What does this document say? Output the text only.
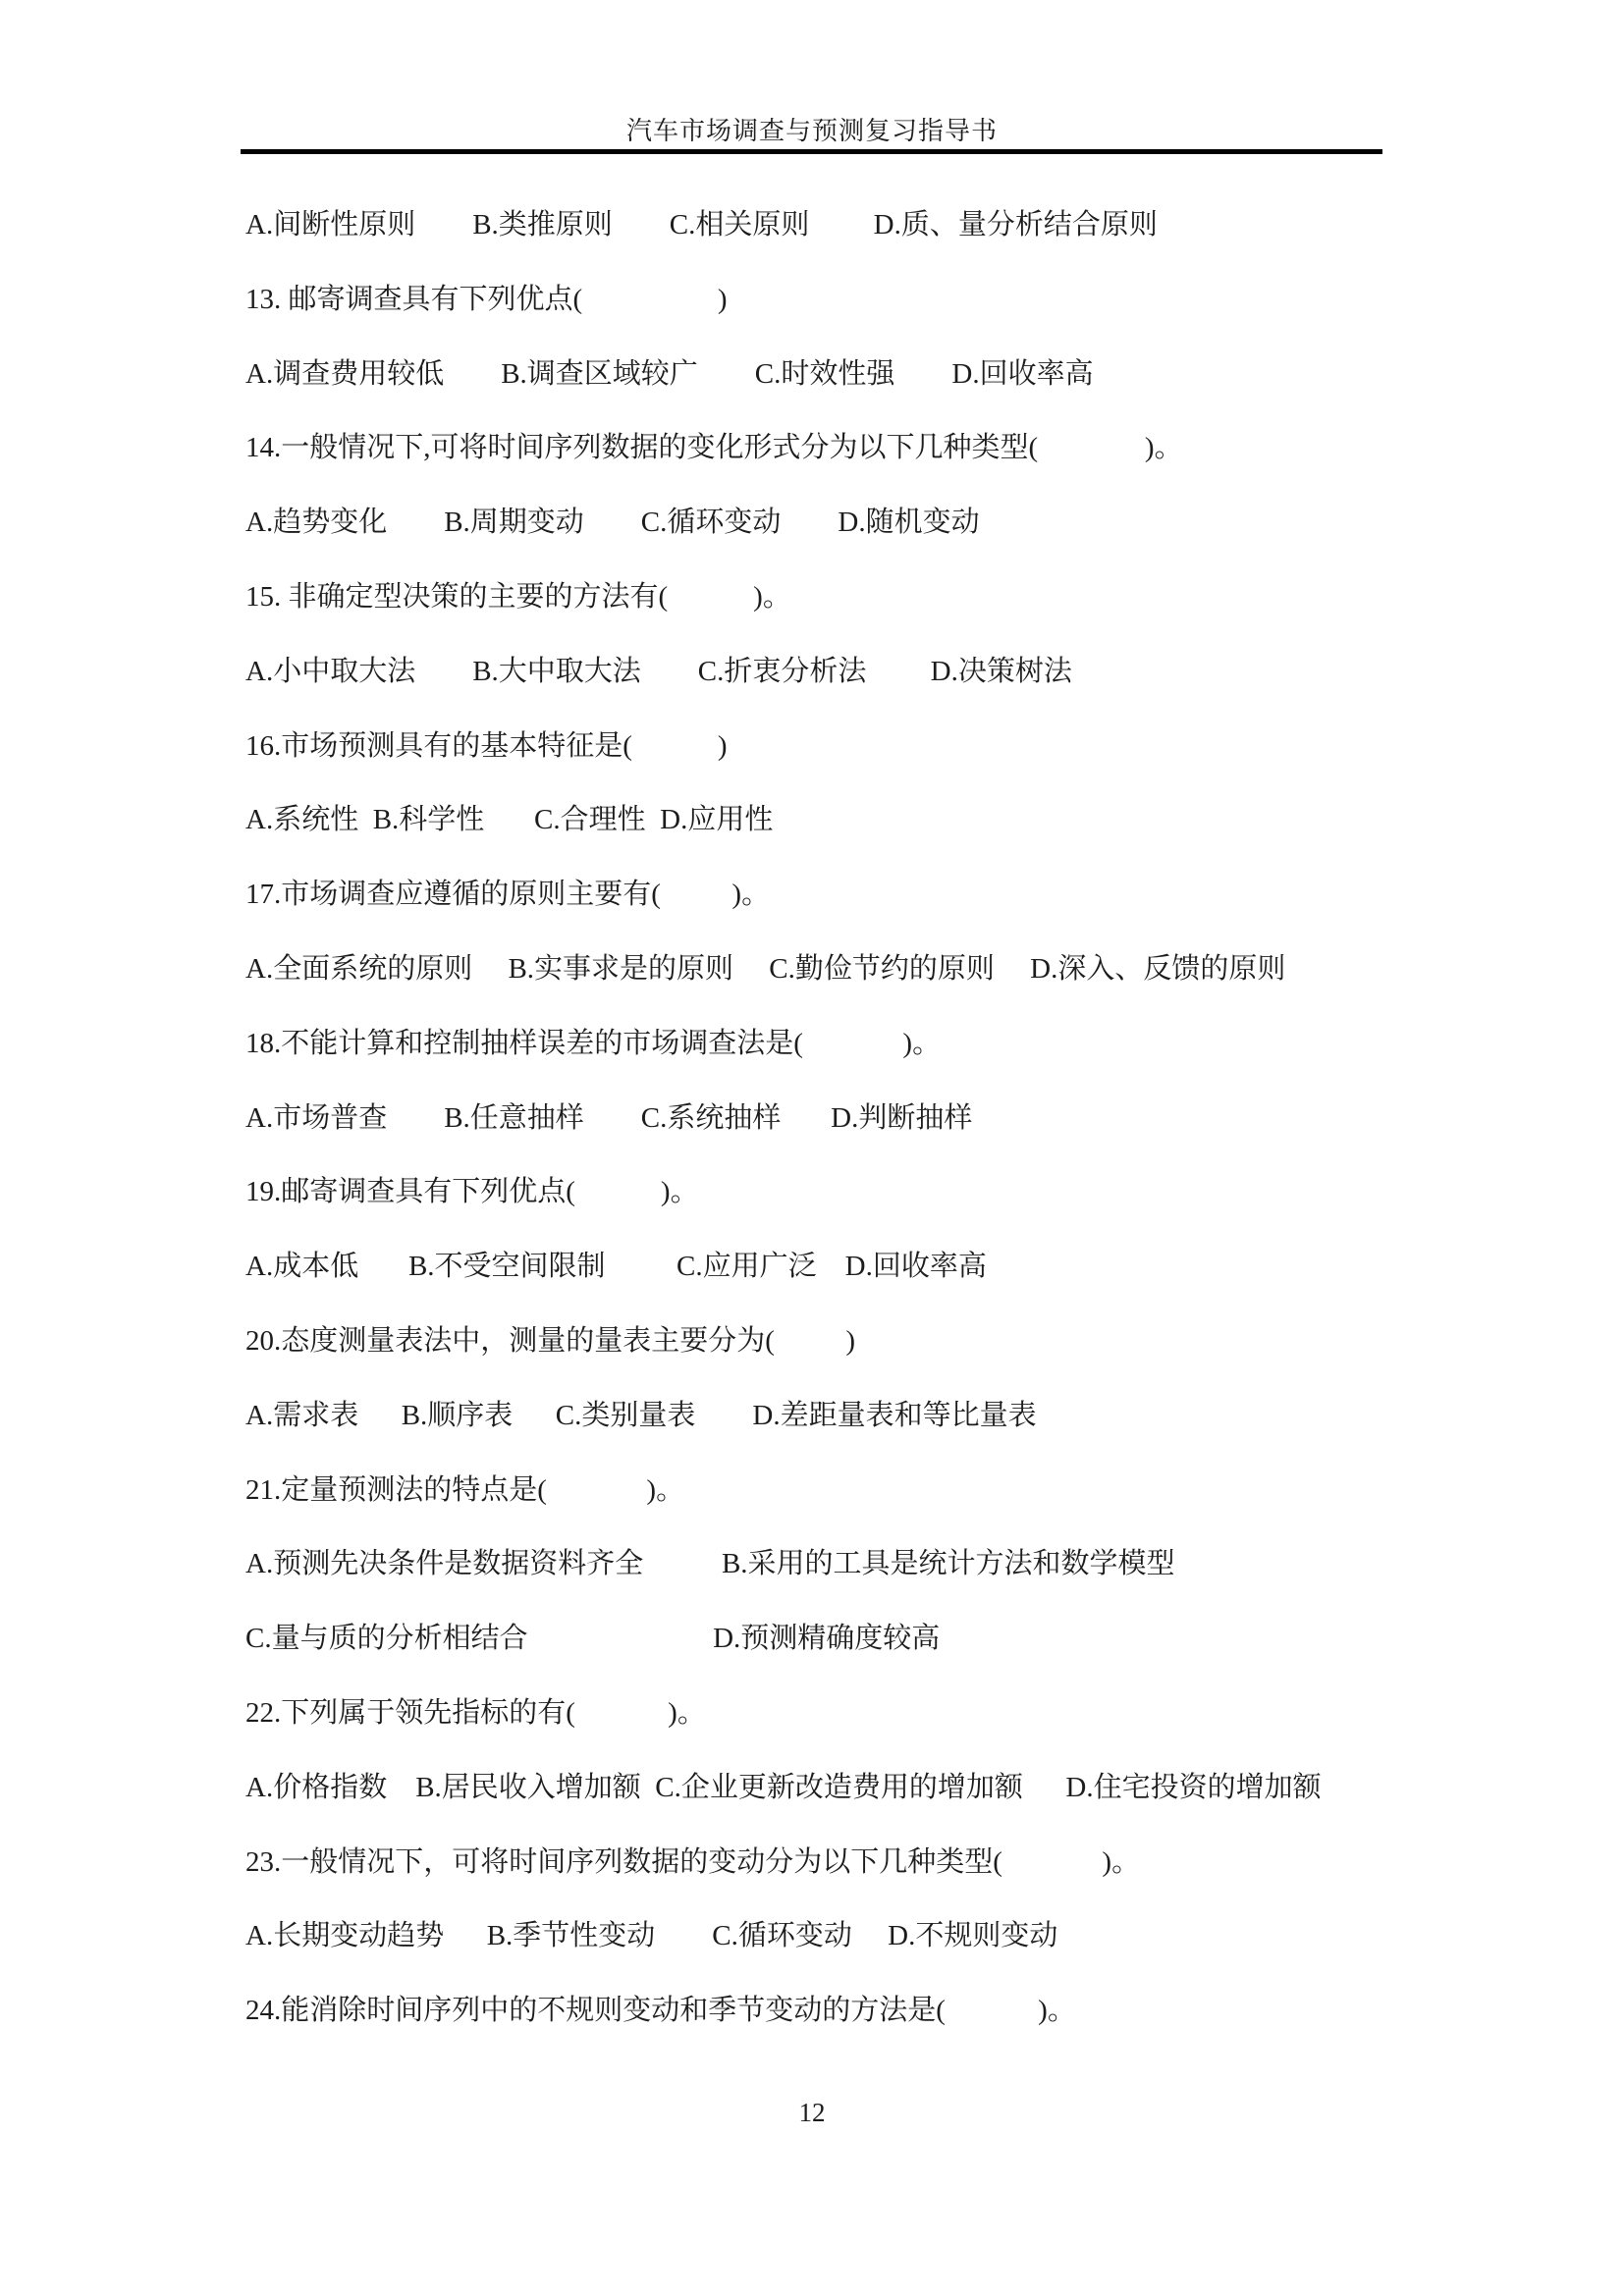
汽车市场调查与预测复习指导书
A.间断性原则        B.类推原则        C.相关原则         D.质、量分析结合原则
13. 邮寄调查具有下列优点(                   )
A.调查费用较低        B.调查区域较广        C.时效性强        D.回收率高
14.一般情况下,可将时间序列数据的变化形式分为以下几种类型(               )。
A.趋势变化        B.周期变动        C.循环变动        D.随机变动
15. 非确定型决策的主要的方法有(            )。
A.小中取大法        B.大中取大法        C.折衷分析法         D.决策树法
16.市场预测具有的基本特征是(            )
A.系统性  B.科学性       C.合理性  D.应用性
17.市场调查应遵循的原则主要有(          )。
A.全面系统的原则     B.实事求是的原则     C.勤俭节约的原则     D.深入、反馈的原则
18.不能计算和控制抽样误差的市场调查法是(              )。
A.市场普查        B.任意抽样        C.系统抽样       D.判断抽样
19.邮寄调查具有下列优点(            )。
A.成本低       B.不受空间限制          C.应用广泛    D.回收率高
20.态度测量表法中，测量的量表主要分为(          )
A.需求表      B.顺序表      C.类别量表        D.差距量表和等比量表
21.定量预测法的特点是(              )。
A.预测先决条件是数据资料齐全           B.采用的工具是统计方法和数学模型
C.量与质的分析相结合                          D.预测精确度较高
22.下列属于领先指标的有(             )。
A.价格指数    B.居民收入增加额  C.企业更新改造费用的增加额      D.住宅投资的增加额
23.一般情况下，可将时间序列数据的变动分为以下几种类型(              )。
A.长期变动趋势      B.季节性变动        C.循环变动     D.不规则变动
24.能消除时间序列中的不规则变动和季节变动的方法是(             )。
12
